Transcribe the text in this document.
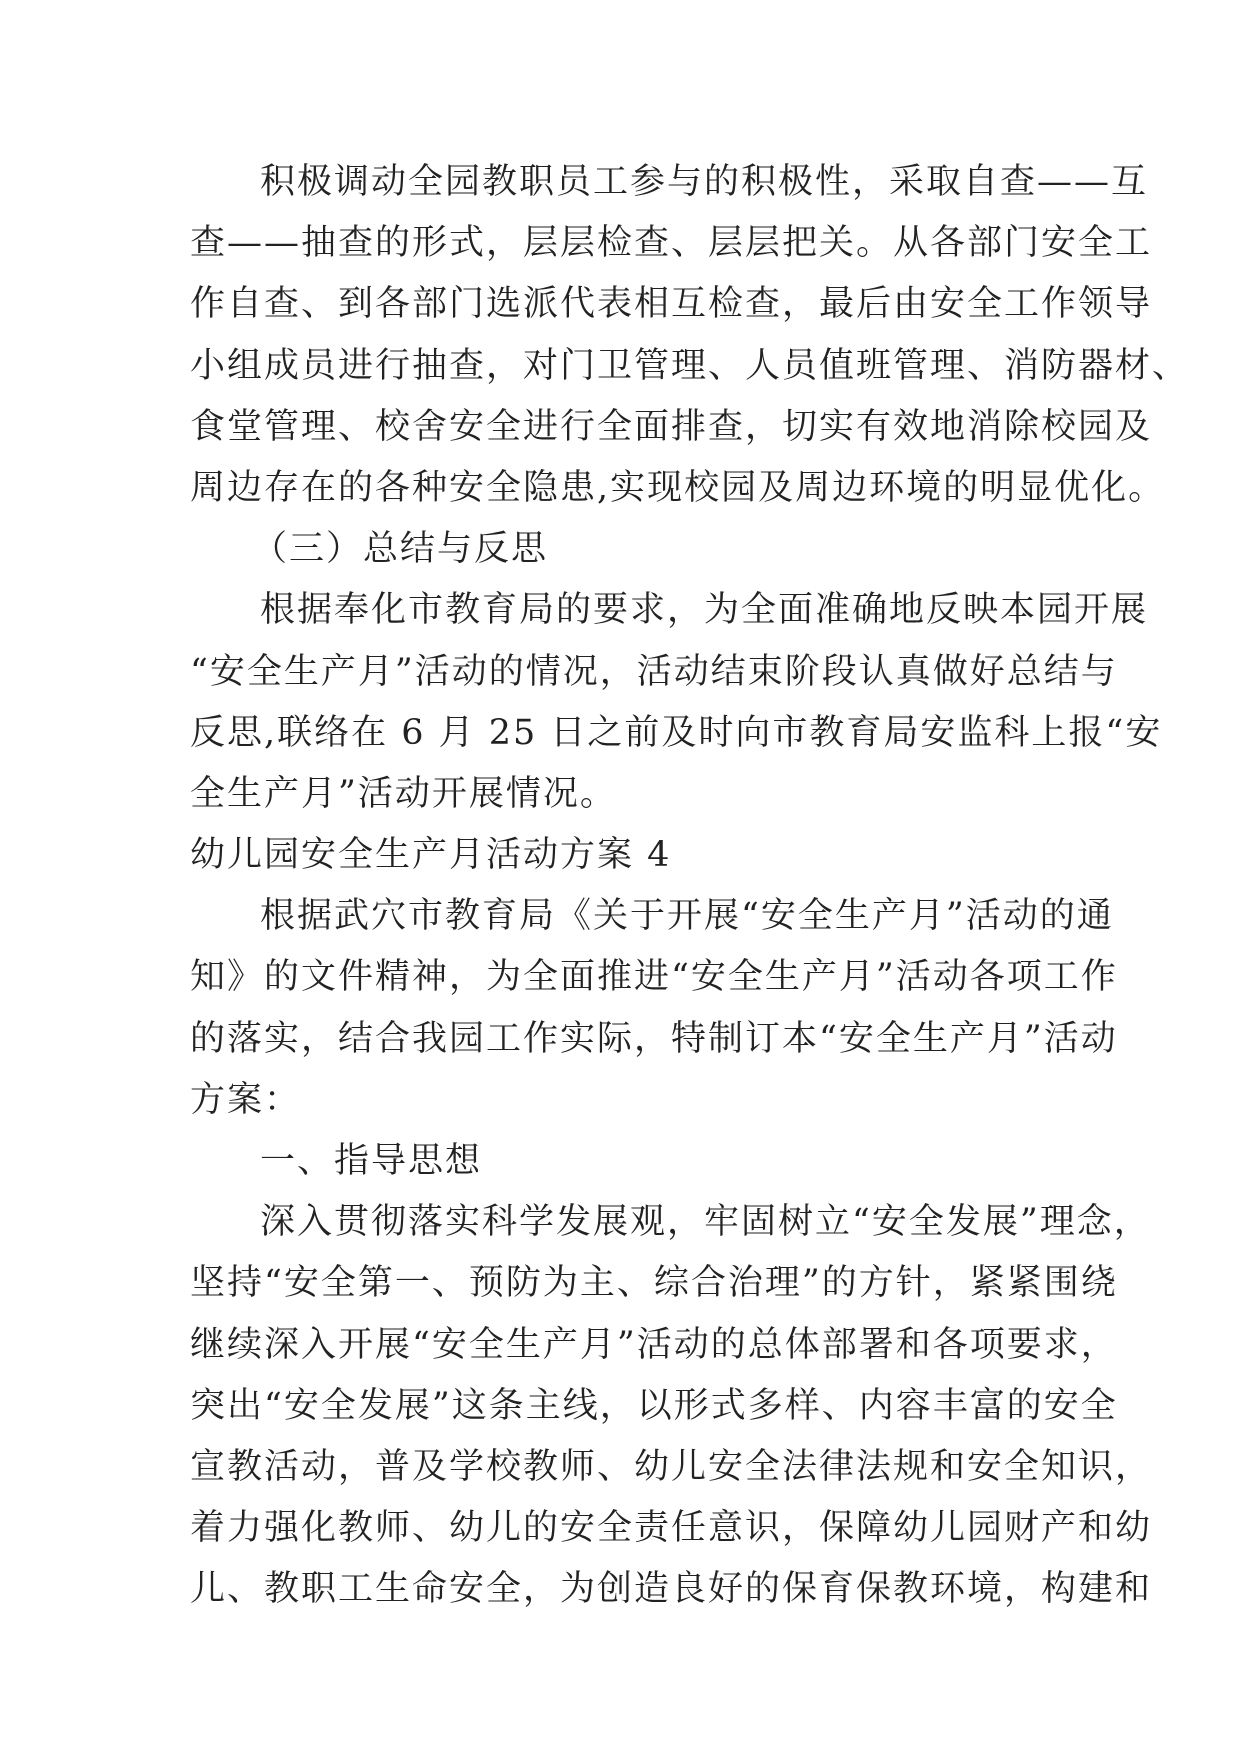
积极调动全园教职员工参与的积极性，采取自查——互
查——抽查的形式，层层检查、层层把关。从各部门安全工
作自查、到各部门选派代表相互检查，最后由安全工作领导
小组成员进行抽查，对门卫管理、人员值班管理、消防器材、
食堂管理、校舍安全进行全面排查，切实有效地消除校园及
周边存在的各种安全隐患,实现校园及周边环境的明显优化。
（三）总结与反思
根据奉化市教育局的要求，为全面准确地反映本园开展
“安全生产月”活动的情况，活动结束阶段认真做好总结与
反思,联络在 6 月 25 日之前及时向市教育局安监科上报“安
全生产月”活动开展情况。
幼儿园安全生产月活动方案 4
根据武穴市教育局《关于开展“安全生产月”活动的通
知》的文件精神，为全面推进“安全生产月”活动各项工作
的落实，结合我园工作实际，特制订本“安全生产月”活动
方案：
一、指导思想
深入贯彻落实科学发展观，牢固树立“安全发展”理念，
坚持“安全第一、预防为主、综合治理”的方针，紧紧围绕
继续深入开展“安全生产月”活动的总体部署和各项要求，
突出“安全发展”这条主线，以形式多样、内容丰富的安全
宣教活动，普及学校教师、幼儿安全法律法规和安全知识，
着力强化教师、幼儿的安全责任意识，保障幼儿园财产和幼
儿、教职工生命安全，为创造良好的保育保教环境，构建和
